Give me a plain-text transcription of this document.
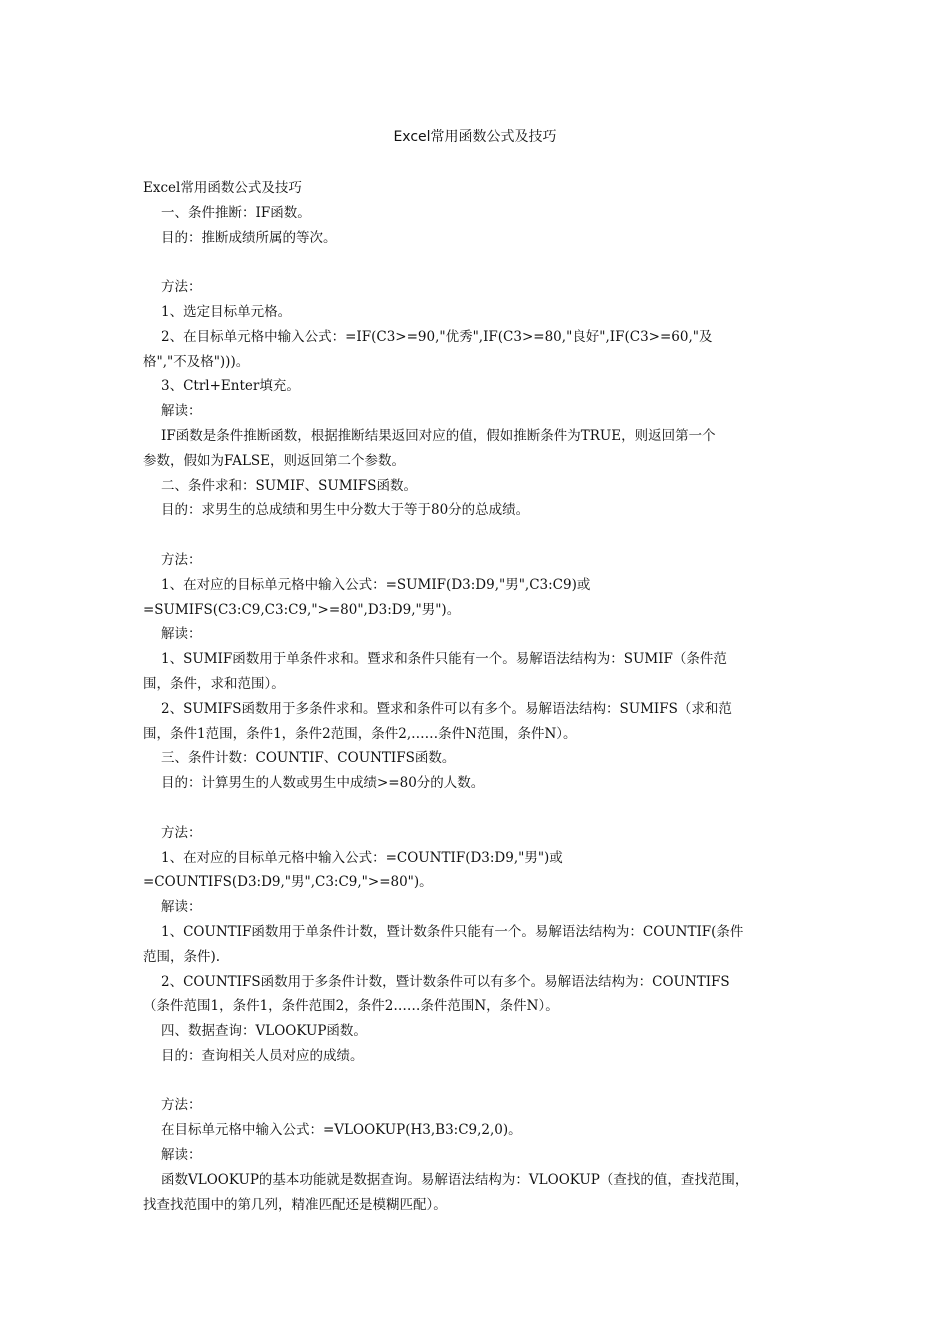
Excel常用函数公式及技巧
Excel常用函数公式及技巧
一、条件推断：IF函数。
目的：推断成绩所属的等次。
方法：
1、选定目标单元格。
2、在目标单元格中输入公式：=IF(C3>=90,"优秀",IF(C3>=80,"良好",IF(C3>=60,"及
格","不及格")))。
3、Ctrl+Enter填充。
解读：
IF函数是条件推断函数，根据推断结果返回对应的值，假如推断条件为TRUE，则返回第一个
参数，假如为FALSE，则返回第二个参数。
二、条件求和：SUMIF、SUMIFS函数。
目的：求男生的总成绩和男生中分数大于等于80分的总成绩。
方法：
1、在对应的目标单元格中输入公式：=SUMIF(D3:D9,"男",C3:C9)或
=SUMIFS(C3:C9,C3:C9,">=80",D3:D9,"男")。
解读：
1、SUMIF函数用于单条件求和。暨求和条件只能有一个。易解语法结构为：SUMIF（条件范
围，条件，求和范围）。
2、SUMIFS函数用于多条件求和。暨求和条件可以有多个。易解语法结构：SUMIFS（求和范
围，条件1范围，条件1，条件2范围，条件2,……条件N范围，条件N）。
三、条件计数：COUNTIF、COUNTIFS函数。
目的：计算男生的人数或男生中成绩>=80分的人数。
方法：
1、在对应的目标单元格中输入公式：=COUNTIF(D3:D9,"男")或
=COUNTIFS(D3:D9,"男",C3:C9,">=80")。
解读：
1、COUNTIF函数用于单条件计数，暨计数条件只能有一个。易解语法结构为：COUNTIF(条件
范围，条件).
2、COUNTIFS函数用于多条件计数，暨计数条件可以有多个。易解语法结构为：COUNTIFS
（条件范围1，条件1，条件范围2，条件2……条件范围N，条件N）。
四、数据查询：VLOOKUP函数。
目的：查询相关人员对应的成绩。
方法：
在目标单元格中输入公式：=VLOOKUP(H3,B3:C9,2,0)。
解读：
函数VLOOKUP的基本功能就是数据查询。易解语法结构为：VLOOKUP（查找的值，查找范围，
找查找范围中的第几列，精准匹配还是模糊匹配）。
